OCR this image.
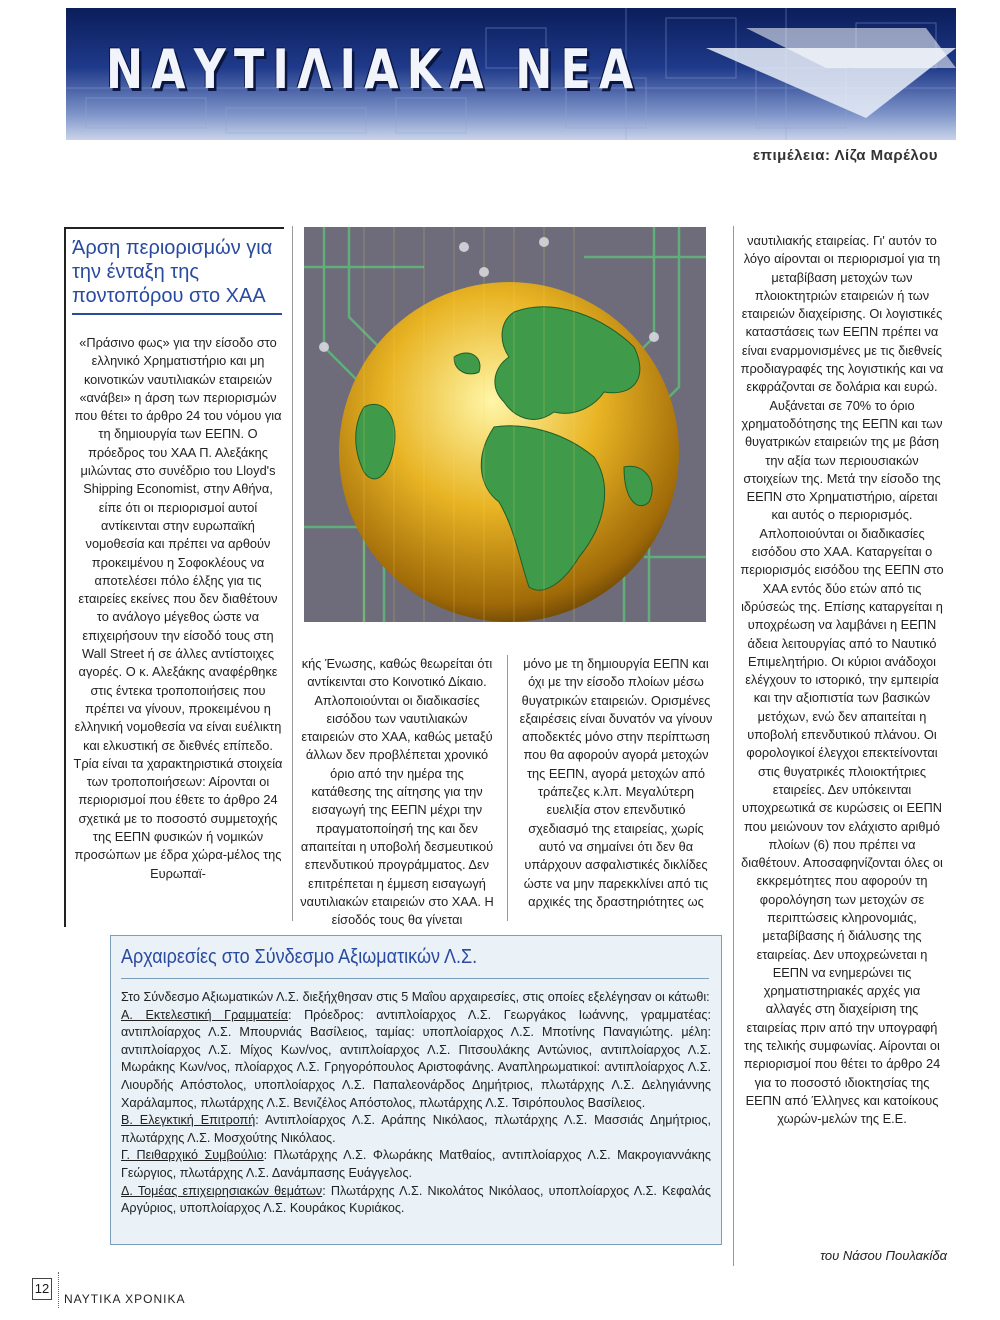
ΝΑΥΤΙΛΙΑΚΑ ΝΕΑ
επιμέλεια: Λίζα Μαρέλου
Άρση περιορισμών για την ένταξη της ποντοπόρου στο ΧΑΑ
«Πράσινο φως» για την είσοδο στο ελληνικό Χρηματιστήριο και μη κοινοτικών ναυτιλιακών εταιρειών «ανάβει» η άρση των περιορισμών που θέτει το άρθρο 24 του νόμου για τη δημιουργία των ΕΕΠΝ. Ο πρόεδρος του ΧΑΑ Π. Αλεξάκης μιλώντας στο συνέδριο του Lloyd's Shipping Economist, στην Αθήνα, είπε ότι οι περιορισμοί αυτοί αντίκεινται στην ευρωπαϊκή νομοθεσία και πρέπει να αρθούν προκειμένου η Σοφοκλέους να αποτελέσει πόλο έλξης για τις εταιρείες εκείνες που δεν διαθέτουν το ανάλογο μέγεθος ώστε να επιχειρήσουν την είσοδό τους στη Wall Street ή σε άλλες αντίστοιχες αγορές. Ο κ. Αλεξάκης αναφέρθηκε στις έντεκα τροποποιήσεις που πρέπει να γίνουν, προκειμένου η ελληνική νομοθεσία να είναι ευέλικτη και ελκυστική σε διεθνές επίπεδο. Τρία είναι τα χαρακτηριστικά στοιχεία των τροποποιήσεων: Αίρονται οι περιορισμοί που έθετε το άρθρο 24 σχετικά με το ποσοστό συμμετοχής της ΕΕΠΝ φυσικών ή νομικών προσώπων με έδρα χώρα-μέλος της Ευρωπαϊ-
κής Ένωσης, καθώς θεωρείται ότι αντίκεινται στο Κοινοτικό Δίκαιο. Απλοποιούνται οι διαδικασίες εισόδου των ναυτιλιακών εταιρειών στο ΧΑΑ, καθώς μεταξύ άλλων δεν προβλέπεται χρονικό όριο από την ημέρα της κατάθεσης της αίτησης για την εισαγωγή της ΕΕΠΝ μέχρι την πραγματοποίησή της και δεν απαιτείται η υποβολή δεσμευτικού επενδυτικού προγράμματος. Δεν επιτρέπεται η έμμεση εισαγωγή ναυτιλιακών εταιρειών στο ΧΑΑ. Η είσοδός τους θα γίνεται
μόνο με τη δημιουργία ΕΕΠΝ και όχι με την είσοδο πλοίων μέσω θυγατρικών εταιρειών. Ορισμένες εξαιρέσεις είναι δυνατόν να γίνουν αποδεκτές μόνο στην περίπτωση που θα αφορούν αγορά μετοχών της ΕΕΠΝ, αγορά μετοχών από τράπεζες κ.λπ. Μεγαλύτερη ευελιξία στον επενδυτικό σχεδιασμό της εταιρείας, χωρίς αυτό να σημαίνει ότι δεν θα υπάρχουν ασφαλιστικές δικλίδες ώστε να μην παρεκκλίνει από τις αρχικές της δραστηριότητες ως
ναυτιλιακής εταιρείας. Γι' αυτόν το λόγο αίρονται οι περιορισμοί για τη μεταβίβαση μετοχών των πλοιοκτητριών εταιρειών ή των εταιρειών διαχείρισης. Οι λογιστικές καταστάσεις των ΕΕΠΝ πρέπει να είναι εναρμονισμένες με τις διεθνείς προδιαγραφές της λογιστικής και να εκφράζονται σε δολάρια και ευρώ. Αυξάνεται σε 70% το όριο χρηματοδότησης της ΕΕΠΝ και των θυγατρικών εταιρειών της με βάση την αξία των περιουσιακών στοιχείων της. Μετά την είσοδο της ΕΕΠΝ στο Χρηματιστήριο, αίρεται και αυτός ο περιορισμός. Απλοποιούνται οι διαδικασίες εισόδου στο ΧΑΑ. Καταργείται ο περιορισμός εισόδου της ΕΕΠΝ στο ΧΑΑ εντός δύο ετών από τις ιδρύσεώς της. Επίσης καταργείται η υποχρέωση να λαμβάνει η ΕΕΠΝ άδεια λειτουργίας από το Ναυτικό Επιμελητήριο. Οι κύριοι ανάδοχοι ελέγχουν το ιστορικό, την εμπειρία και την αξιοπιστία των βασικών μετόχων, ενώ δεν απαιτείται η υποβολή επενδυτικού πλάνου. Οι φορολογικοί έλεγχοι επεκτείνονται στις θυγατρικές πλοιοκτήτριες εταιρείες. Δεν υπόκεινται υποχρεωτικά σε κυρώσεις οι ΕΕΠΝ που μειώνουν τον ελάχιστο αριθμό πλοίων (6) που πρέπει να διαθέτουν. Αποσαφηνίζονται όλες οι εκκρεμότητες που αφορούν τη φορολόγηση των μετοχών σε περιπτώσεις κληρονομιάς, μεταβίβασης ή διάλυσης της εταιρείας. Δεν υποχρεώνεται η ΕΕΠΝ να ενημερώνει τις χρηματιστηριακές αρχές για αλλαγές στη διαχείριση της εταιρείας πριν από την υπογραφή της τελικής συμφωνίας. Αίρονται οι περιορισμοί που θέτει το άρθρο 24 για το ποσοστό ιδιοκτησίας της ΕΕΠΝ από Έλληνες και κατοίκους χωρών-μελών της Ε.Ε.
του Νάσου Πουλακίδα
Αρχαιρεσίες στο Σύνδεσμο Αξιωματικών Λ.Σ.
Στο Σύνδεσμο Αξιωματικών Λ.Σ. διεξήχθησαν στις 5 Μαΐου αρχαιρεσίες, στις οποίες εξελέγησαν οι κάτωθι:
Α. Εκτελεστική Γραμματεία: Πρόεδρος: αντιπλοίαρχος Λ.Σ. Γεωργάκος Ιωάννης, γραμματέας: αντιπλοίαρχος Λ.Σ. Μπουρνιάς Βασίλειος, ταμίας: υποπλοίαρχος Λ.Σ. Μποτίνης Παναγιώτης. μέλη: αντιπλοίαρχος Λ.Σ. Μίχος Κων/νος, αντιπλοίαρχος Λ.Σ. Πιτσουλάκης Αντώνιος, αντιπλοίαρχος Λ.Σ. Μωράκης Κων/νος, πλοίαρχος Λ.Σ. Γρηγορόπουλος Αριστοφάνης. Αναπληρωματικοί: αντιπλοίαρχος Λ.Σ. Λιουρδής Απόστολος, υποπλοίαρχος Λ.Σ. Παπαλεονάρδος Δημήτριος, πλωτάρχης Λ.Σ. Δεληγιάννης Χαράλαμπος, πλωτάρχης Λ.Σ. Βενιζέλος Απόστολος, πλωτάρχης Λ.Σ. Τσιρόπουλος Βασίλειος.
Β. Ελεγκτική Επιτροπή: Αντιπλοίαρχος Λ.Σ. Αράπης Νικόλαος, πλωτάρχης Λ.Σ. Μασσιάς Δημήτριος, πλωτάρχης Λ.Σ. Μοσχούτης Νικόλαος.
Γ. Πειθαρχικό Συμβούλιο: Πλωτάρχης Λ.Σ. Φλωράκης Ματθαίος, αντιπλοίαρχος Λ.Σ. Μακρογιαννάκης Γεώργιος, πλωτάρχης Λ.Σ. Δανάμπασης Ευάγγελος.
Δ. Τομέας επιχειρησιακών θεμάτων: Πλωτάρχης Λ.Σ. Νικολάτος Νικόλαος, υποπλοίαρχος Λ.Σ. Κεφαλάς Αργύριος, υποπλοίαρχος Λ.Σ. Κουράκος Κυριάκος.
12
ΝΑΥΤΙΚΑ ΧΡΟΝΙΚΑ
